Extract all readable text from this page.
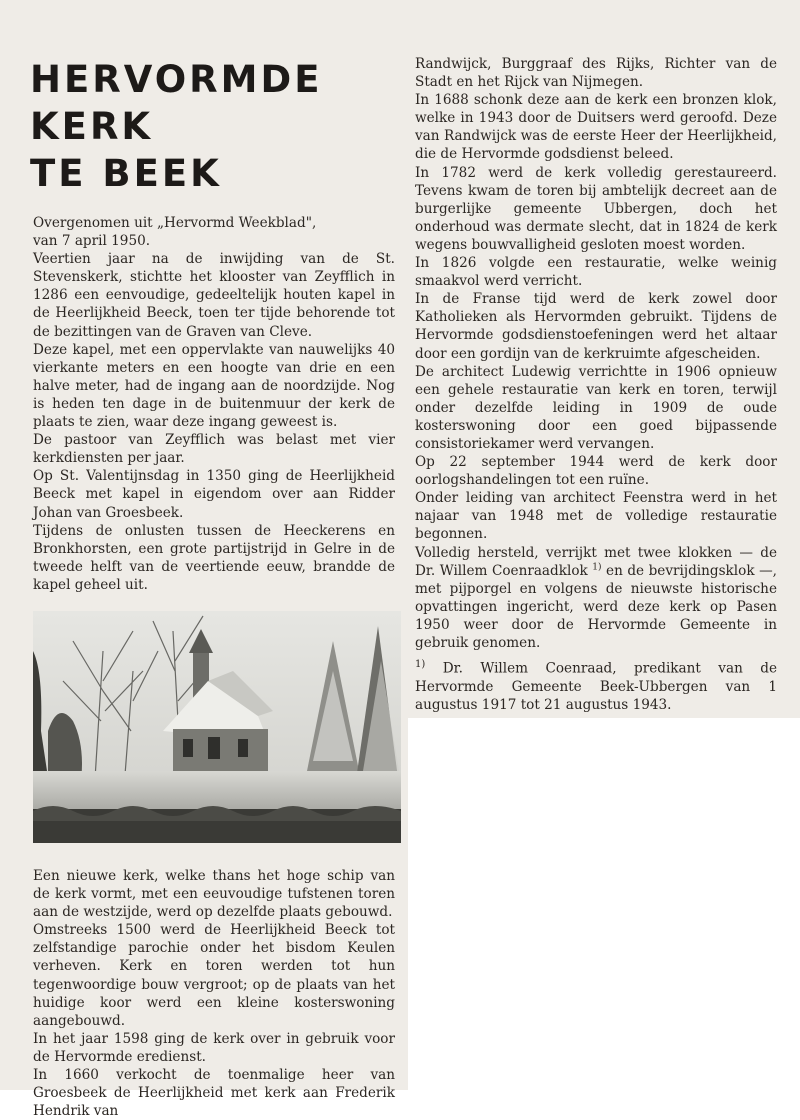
HERVORMDE
KERK
TE BEEK

Overgenomen uit „Hervormd Weekblad",

van 7 april 1950.

Veertien jaar na de inwijding van de St. Stevenskerk, stichtte het klooster van Zeyfflich in 1286 een eenvoudige, gedeeltelijk houten kapel in de Heerlijkheid Beeck, toen ter tijde behorende tot de bezittingen van de Graven van Cleve.

Deze kapel, met een oppervlakte van nauwelijks 40 vierkante meters en een hoogte van drie en een halve meter, had de ingang aan de noordzijde. Nog is heden ten dage in de buitenmuur der kerk de plaats te zien, waar deze ingang geweest is.

De pastoor van Zeyfflich was belast met vier kerkdiensten per jaar.

Op St. Valentijnsdag in 1350 ging de Heerlijkheid Beeck met kapel in eigendom over aan Ridder Johan van Groesbeek.

Tijdens de onlusten tussen de Heeckerens en Bronkhorsten, een grote partijstrijd in Gelre in de tweede helft van de veertiende eeuw, brandde de kapel geheel uit.

Een nieuwe kerk, welke thans het hoge schip van de kerk vormt, met een eeuvoudige tufstenen toren aan de westzijde, werd op dezelfde plaats gebouwd.

Omstreeks 1500 werd de Heerlijkheid Beeck tot zelfstandige parochie onder het bisdom Keulen verheven. Kerk en toren werden tot hun tegenwoordige bouw vergroot; op de plaats van het huidige koor werd een kleine kosterswoning aangebouwd.

In het jaar 1598 ging de kerk over in gebruik voor de Hervormde eredienst.

In 1660 verkocht de toenmalige heer van Groesbeek de Heerlijkheid met kerk aan Frederik Hendrik van

Randwijck, Burggraaf des Rijks, Richter van de Stadt en het Rijck van Nijmegen.

In 1688 schonk deze aan de kerk een bronzen klok, welke in 1943 door de Duitsers werd geroofd. Deze van Randwijck was de eerste Heer der Heerlijkheid, die de Hervormde godsdienst beleed.

In 1782 werd de kerk volledig gerestaureerd. Tevens kwam de toren bij ambtelijk decreet aan de burgerlijke gemeente Ubbergen, doch het onderhoud was dermate slecht, dat in 1824 de kerk wegens bouwvalligheid gesloten moest worden.

In 1826 volgde een restauratie, welke weinig smaakvol werd verricht.

In de Franse tijd werd de kerk zowel door Katholieken als Hervormden gebruikt. Tijdens de Hervormde godsdienstoefeningen werd het altaar door een gordijn van de kerkruimte afgescheiden.

De architect Ludewig verrichtte in 1906 opnieuw een gehele restauratie van kerk en toren, terwijl onder dezelfde leiding in 1909 de oude kosterswoning door een goed bijpassende consistoriekamer werd vervangen.

Op 22 september 1944 werd de kerk door oorlogshandelingen tot een ruïne.

Onder leiding van architect Feenstra werd in het najaar van 1948 met de volledige restauratie begonnen.

Volledig hersteld, verrijkt met twee klokken — de Dr. Willem Coenraadklok $^{1)}$ en de bevrijdingsklok —, met pijporgel en volgens de nieuwste historische opvattingen ingericht, werd deze kerk op Pasen 1950 weer door de Hervormde Gemeente in gebruik genomen.

$^{1)}$ Dr. Willem Coenraad, predikant van de Hervormde Gemeente Beek-Ubbergen van 1 augustus 1917 tot 21 augustus 1943.
